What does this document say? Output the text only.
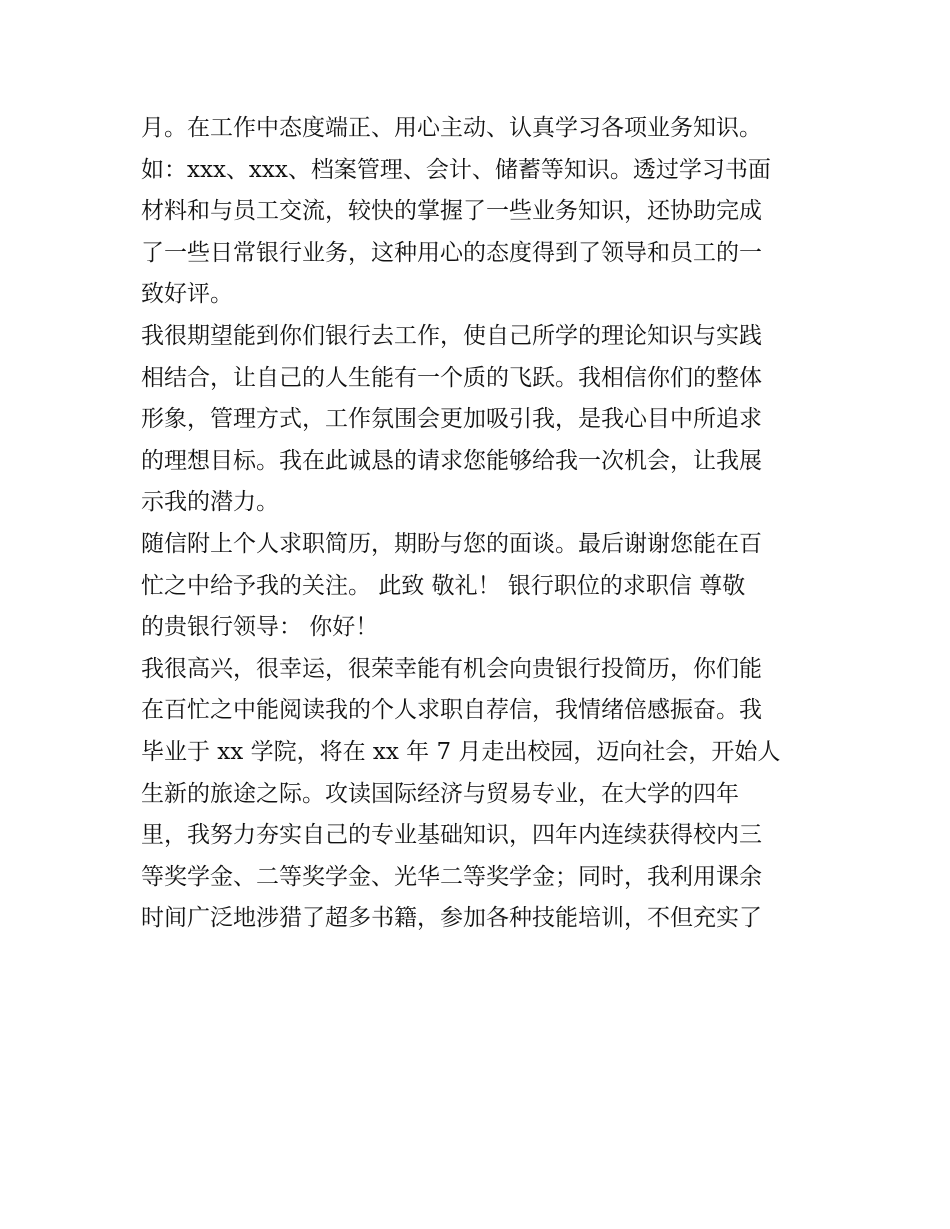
月。在工作中态度端正、用心主动、认真学习各项业务知识。
如：xxx、xxx、档案管理、会计、储蓄等知识。透过学习书面
材料和与员工交流，较快的掌握了一些业务知识，还协助完成
了一些日常银行业务，这种用心的态度得到了领导和员工的一
致好评。
我很期望能到你们银行去工作，使自己所学的理论知识与实践
相结合，让自己的人生能有一个质的飞跃。我相信你们的整体
形象，管理方式，工作氛围会更加吸引我，是我心目中所追求
的理想目标。我在此诚恳的请求您能够给我一次机会，让我展
示我的潜力。
随信附上个人求职简历，期盼与您的面谈。最后谢谢您能在百
忙之中给予我的关注。 此致 敬礼！ 银行职位的求职信 尊敬
的贵银行领导： 你好！
我很高兴，很幸运，很荣幸能有机会向贵银行投简历，你们能
在百忙之中能阅读我的个人求职自荐信，我情绪倍感振奋。我
毕业于 xx 学院，将在 xx 年 7 月走出校园，迈向社会，开始人
生新的旅途之际。攻读国际经济与贸易专业，在大学的四年
里，我努力夯实自己的专业基础知识，四年内连续获得校内三
等奖学金、二等奖学金、光华二等奖学金；同时，我利用课余
时间广泛地涉猎了超多书籍，参加各种技能培训，不但充实了
